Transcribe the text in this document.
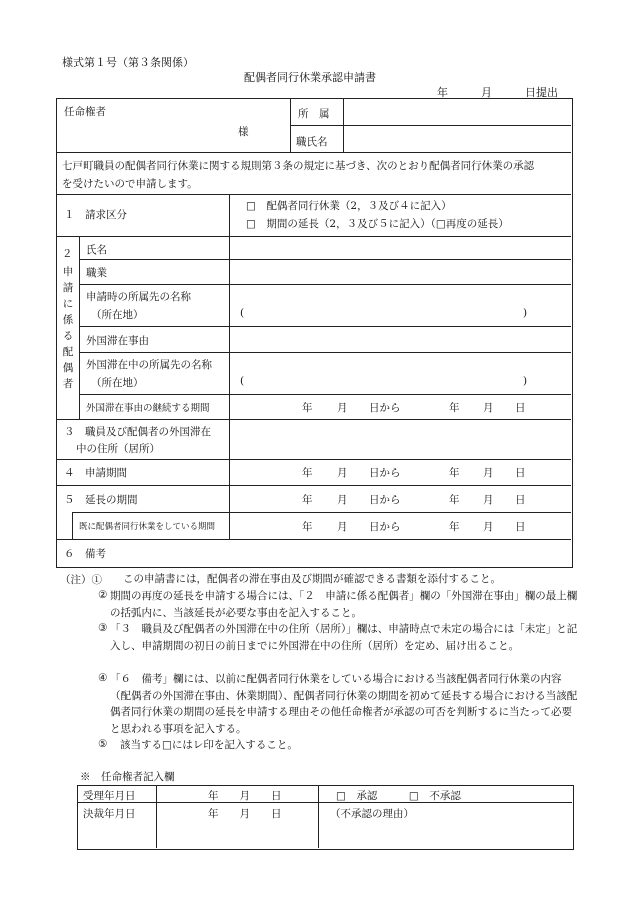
様式第１号（第３条関係）
配偶者同行休業承認申請書
年　　　月　　　日提出
任命権者
様
所　属
職氏名
七戸町職員の配偶者同行休業に関する規則第３条の規定に基づき、次のとおり配偶者同行休業の承認
を受けたいので申請します。
１　請求区分
□　配偶者同行休業（2，３及び４に記入）
□　期間の延長（2，３及び５に記入）（□再度の延長）
２
申請に係る配偶者
氏名
職業
申請時の所属先の名称
（所在地）	(	)
外国滞在事由
外国滞在中の所属先の名称
（所在地）	(	)
外国滞在事由の継続する期間	年 月 日から	年 月 日
３　職員及び配偶者の外国滞在
中の住所（居所）
４　申請期間	年 月 日から	年 月 日
５　延長の期間	年 月 日から	年 月 日
既に配偶者同行休業をしている期間	年 月 日から	年 月 日
６　備考
（注）① この申請書には，配偶者の滞在事由及び期間が確認できる書類を添付すること。
② 期間の再度の延長を申請する場合には、「２　申請に係る配偶者」欄の「外国滞在事由」欄の最上欄の括弧内に、当該延長が必要な事由を記入すること。
③ 「３　職員及び配偶者の外国滞在中の住所（居所）」欄は、申請時点で未定の場合には「未定」と記入し、申請期間の初日の前日までに外国滞在中の住所（居所）を定め、届け出ること。
④ 「６　備考」欄には、以前に配偶者同行休業をしている場合における当該配偶者同行休業の内容（配偶者の外国滞在事由、休業期間）、配偶者同行休業の期間を初めて延長する場合における当該配偶者同行休業の期間の延長を申請する理由その他任命権者が承認の可否を判断するに当たって必要と思われる事項を記入する。
⑤ 該当する□にはレ印を記入すること。
※　任命権者記入欄
受理年月日	年　　月　　日	□　承認　　　□　不承認
決裁年月日	年　　月　　日	（不承認の理由）
